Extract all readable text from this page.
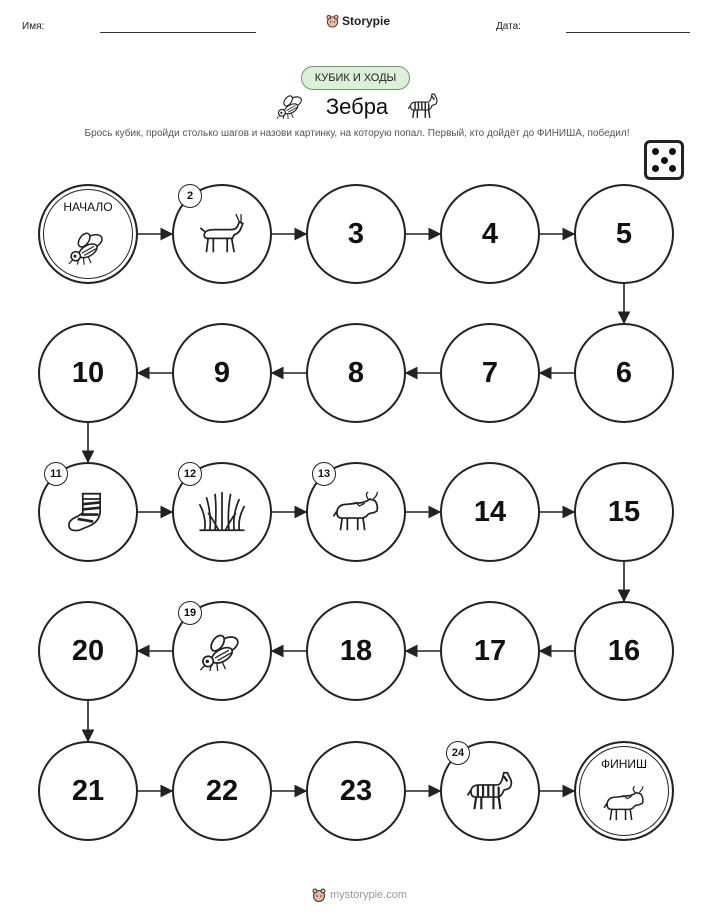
Имя:	Storypie	Дата:
КУБИК И ХОДЫ
Зебра
Брось кубик, пройди столько шагов и назови картинку, на которую попал. Первый, кто дойдёт до ФИНИША, победил!
НАЧАЛО
2
3	4	5
6
7
8
9
10
11	12	13
14	15
16
17
18
19
20
21	22	23
24
ФИНИШ
mystorypie.com
